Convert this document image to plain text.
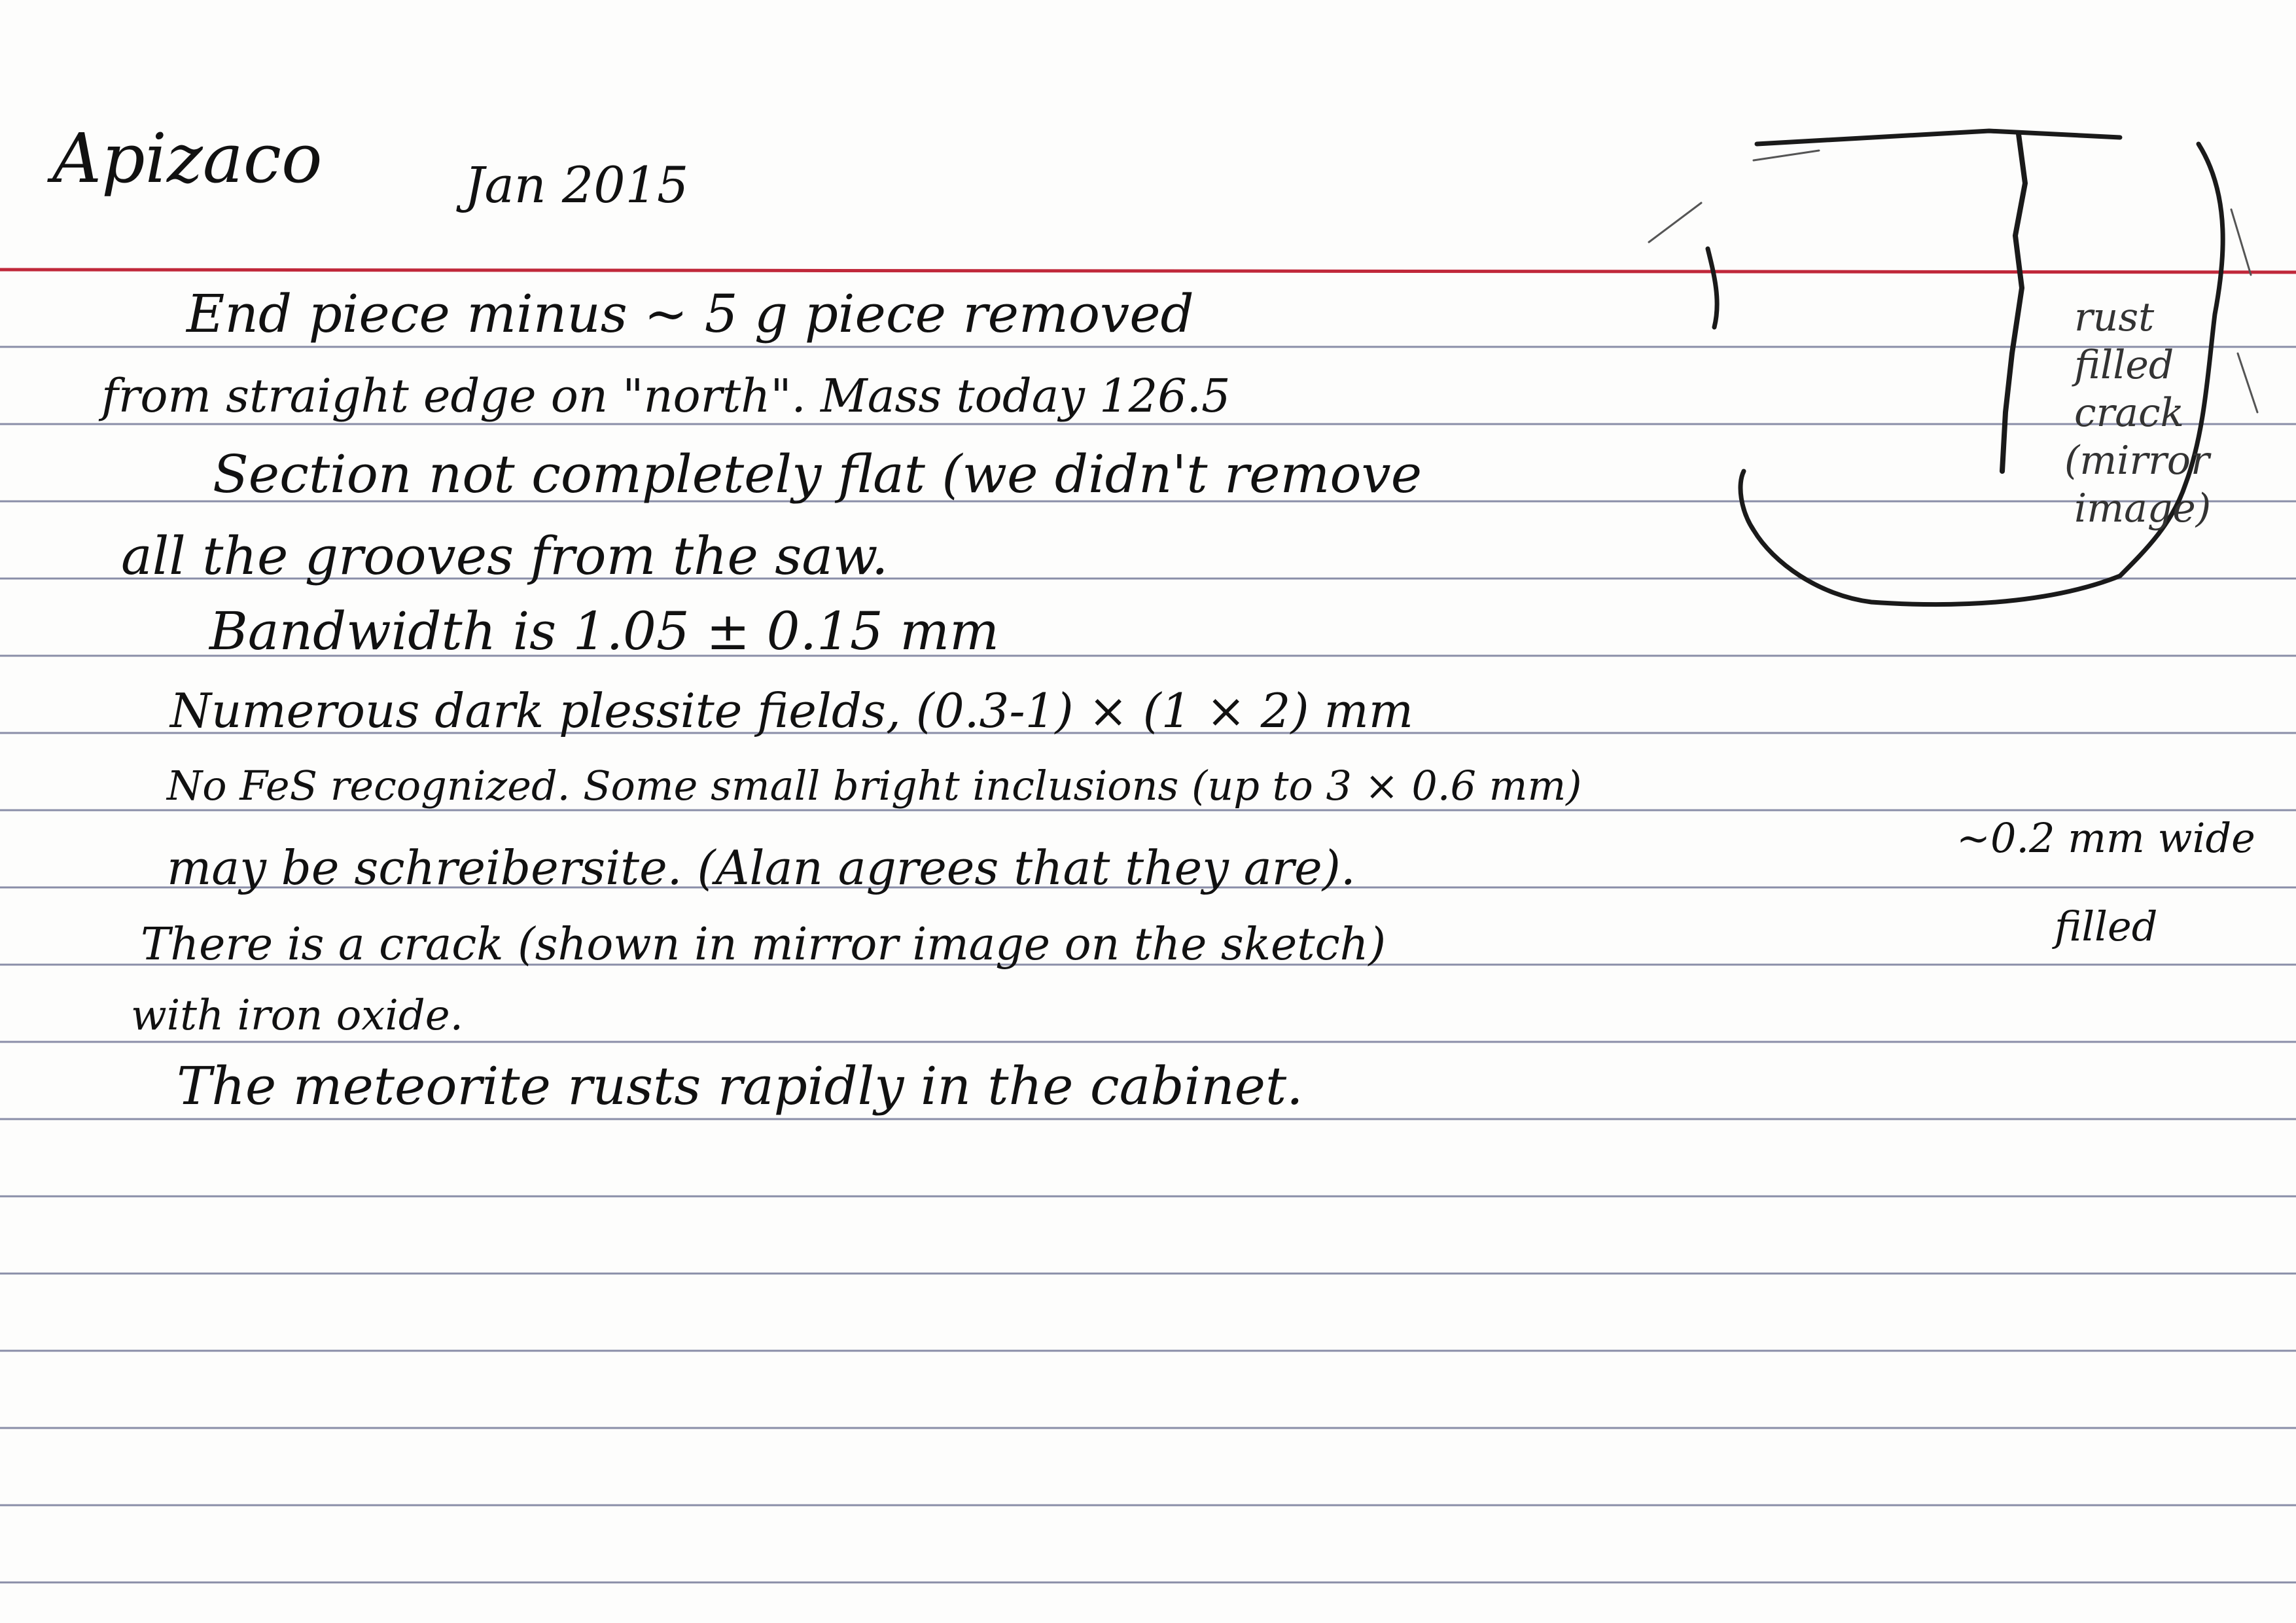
Apizaco	Jan 2015

End piece minus ~ 5 g piece removed

from straight edge on "north". Mass today 126.5

Section not completely flat (we didn't remove

all the grooves from the saw.

Bandwidth is 1.05 ± 0.15 mm

Numerous dark plessite fields, (0.3-1) × (1 × 2) mm

No FeS recognized. Some small bright inclusions (up to 3 × 0.6 mm)

may be schreibersite. (Alan agrees that they are).

There is a crack (shown in mirror image on the sketch)

with iron oxide.

The meteorite rusts rapidly in the cabinet.

~0.2 mm wide

filled

rust
filled
crack
(mirror
image)
